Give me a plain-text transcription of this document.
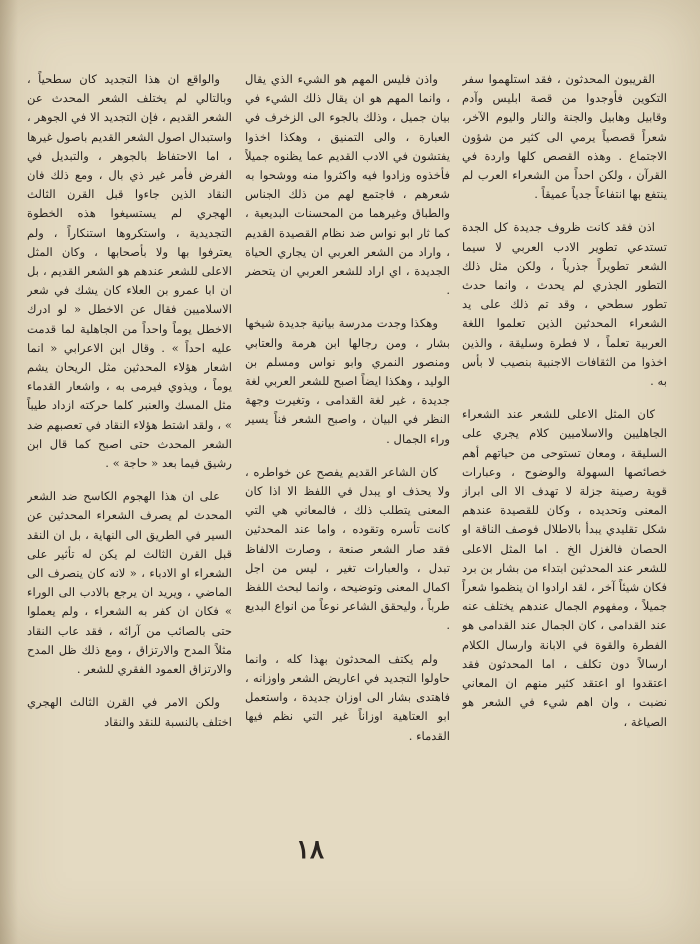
القريبون المحدثون ، فقد استلهموا سفر التكوين فأوجدوا من قصة ابليس وآدم وقابيل وهابيل والجنة والنار واليوم الآخر، شعراً قصصياً يرمي الى كثير من شؤون الاجتماع . وهذه القصص كلها واردة في القرآن ، ولكن احداً من الشعراء العرب لم ينتفع بها انتفاعاً جدياً عميقاً .

اذن فقد كانت ظروف جديدة كل الجدة تستدعي تطوير الادب العربي لا سيما الشعر تطويراً جذرياً ، ولكن مثل ذلك التطور الجذري لم يحدث ، وانما حدث تطور سطحي ، وقد تم ذلك على يد الشعراء المحدثين الذين تعلموا اللغة العربية تعلماً ، لا فطرة وسليقة ، والذين اخذوا من الثقافات الاجنبية بنصيب لا بأس به .

كان المثل الاعلى للشعر عند الشعراء الجاهليين والاسلاميين كلام يجري على السليقة ، ومعان تستوحى من حياتهم أهم خصائصها السهولة والوضوح ، وعبارات قوية رصينة جزلة لا تهدف الا الى ابراز المعنى وتحديده ، وكان للقصيدة عندهم شكل تقليدي يبدأ بالاطلال فوصف الناقة او الحصان فالغزل الخ . اما المثل الاعلى للشعر عند المحدثين ابتداء من بشار بن برد فكان شيئاً آخر ، لقد ارادوا ان ينظموا شعراً جميلاً ، ومفهوم الجمال عندهم يختلف عنه عند القدامى ، كان الجمال عند القدامى هو الفطرة والقوة في الابانة وارسال الكلام ارسالاً دون تكلف ، اما المحدثون فقد اعتقدوا او اعتقد كثير منهم ان المعاني نضبت ، وان اهم شيء في الشعر هو الصياغة ،

واذن فليس المهم هو الشيء الذي يقال ، وانما المهم هو ان يقال ذلك الشيء في بيان جميل ، وذلك بالجوء الى الزخرف في العبارة ، والى التمنيق ، وهكذا اخذوا يفتشون في الادب القديم عما يظنوه جميلاً فأخذوه وزادوا فيه واكثروا منه ووشحوا به شعرهم ، فاجتمع لهم من ذلك الجناس والطباق وغيرهما من المحسنات البديعية ، كما ثار ابو نواس ضد نظام القصيدة القديم ، واراد من الشعر العربي ان يجاري الحياة الجديدة ، اي اراد للشعر العربي ان يتحضر .

وهكذا وجدت مدرسة بيانية جديدة شيخها بشار ، ومن رجالها ابن هرمة والعتابي ومنصور النمري وابو نواس ومسلم بن الوليد ، وهكذا ايضاً اصبح للشعر العربي لغة جديدة ، غير لغة القدامى ، وتغيرت وجهة النظر في البيان ، واصبح الشعر فناً يسير وراء الجمال .

كان الشاعر القديم يفصح عن خواطره ، ولا يحذف او يبدل في اللفظ الا اذا كان المعنى يتطلب ذلك ، فالمعاني هي التي كانت تأسره وتقوده ، واما عند المحدثين فقد صار الشعر صنعة ، وصارت الالفاظ تبدل ، والعبارات تغير ، ليس من اجل اكمال المعنى وتوضيحه ، وانما لبحث اللفظ طرباً ، وليحقق الشاعر نوعاً من انواع البديع .

ولم يكتف المحدثون بهذا كله ، وانما حاولوا التجديد في اعاريض الشعر واوزانه ، فاهتدى بشار الى اوزان جديدة ، واستعمل ابو العتاهية اوزاناً غير التي نظم فيها القدماء .

والواقع ان هذا التجديد كان سطحياً ، وبالتالي لم يختلف الشعر المحدث عن الشعر القديم ، فإن التجديد الا في الجوهر ، واستبدال اصول الشعر القديم باصول غيرها ، اما الاحتفاظ بالجوهر ، والتبديل في الفرض فأمر غير ذي بال ، ومع ذلك فان النقاد الذين جاءوا قبل القرن الثالث الهجري لم يستسيغوا هذه الخطوة التجديدية ، واستكروها استنكاراً ، ولم يعترفوا بها ولا بأصحابها ، وكان المثل الاعلى للشعر عندهم هو الشعر القديم ، بل ان ابا عمرو بن العلاء كان يشك في شعر الاسلاميين فقال عن الاخطل « لو ادرك الاخطل يوماً واحداً من الجاهلية لما قدمت عليه احداً » . وقال ابن الاعرابي « انما اشعار هؤلاء المحدثين مثل الريحان يشم يوماً ، ويذوي فيرمى به ، واشعار القدماء مثل المسك والعنبر كلما حركته ازداد طيباً » ، ولقد اشتط هؤلاء النقاد في تعصبهم ضد الشعر المحدث حتى اصبح كما قال ابن رشيق فيما بعد « حاجة » .

على ان هذا الهجوم الكاسح ضد الشعر المحدث لم يصرف الشعراء المحدثين عن السير في الطريق الى النهاية ، بل ان النقد قبل القرن الثالث لم يكن له تأثير على الشعراء او الادباء ، « لانه كان ينصرف الى الماضي ، ويريد ان يرجع بالادب الى الوراء » فكان ان كفر به الشعراء ، ولم يعملوا حتى بالصائب من آرائه ، فقد عاب النقاد مثلاً المدح والارتزاق ، ومع ذلك ظل المدح والارتزاق العمود الفقري للشعر .

ولكن الامر في القرن الثالث الهجري اختلف بالنسبة للنقد والنقاد

١٨
